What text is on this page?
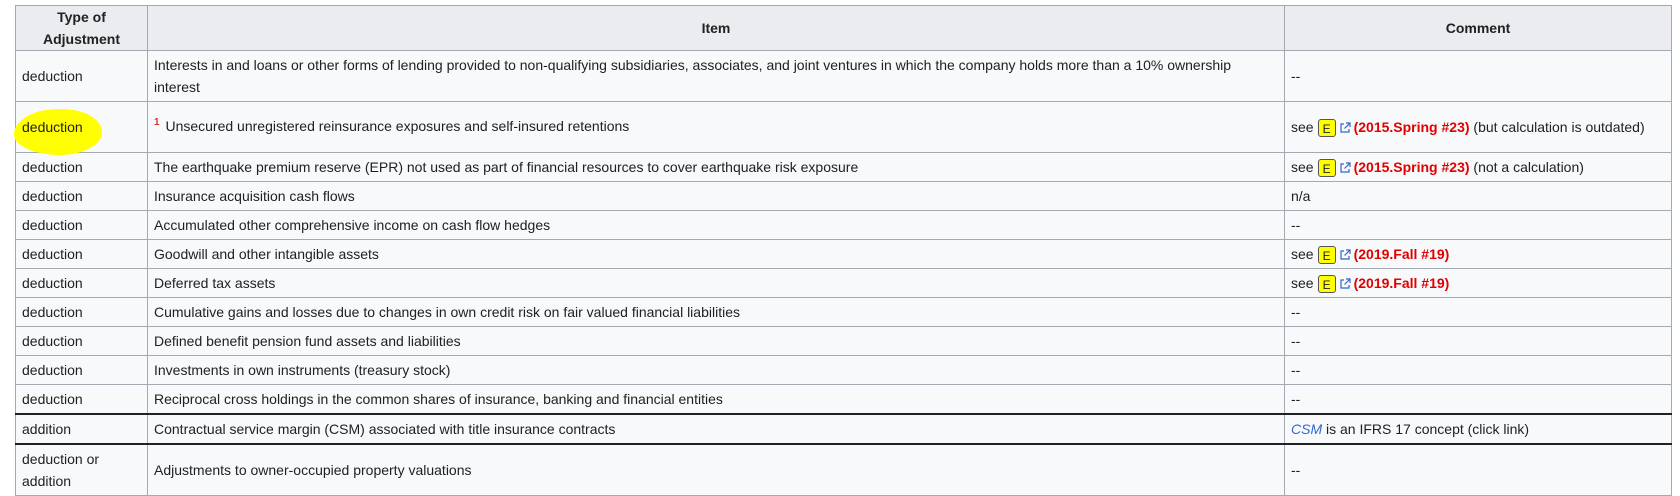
Type of Adjustment	Item	Comment
deduction	Interests in and loans or other forms of lending provided to non-qualifying subsidiaries, associates, and joint ventures in which the company holds more than a 10% ownership interest	--

deduction	$^1$ Unsecured unregistered reinsurance exposures and self-insured retentions	see E (2015.Spring #23) (but calculation is outdated)
deduction	The earthquake premium reserve (EPR) not used as part of financial resources to cover earthquake risk exposure	see E (2015.Spring #23) (not a calculation)
deduction	Insurance acquisition cash flows	n/a
deduction	Accumulated other comprehensive income on cash flow hedges	--
deduction	Goodwill and other intangible assets	see E (2019.Fall #19)
deduction	Deferred tax assets	see E (2019.Fall #19)
deduction	Cumulative gains and losses due to changes in own credit risk on fair valued financial liabilities	--
deduction	Defined benefit pension fund assets and liabilities	--
deduction	Investments in own instruments (treasury stock)	--
deduction	Reciprocal cross holdings in the common shares of insurance, banking and financial entities	--
addition	Contractual service margin (CSM) associated with title insurance contracts	CSM is an IFRS 17 concept (click link)
deduction or addition	Adjustments to owner-occupied property valuations	--
